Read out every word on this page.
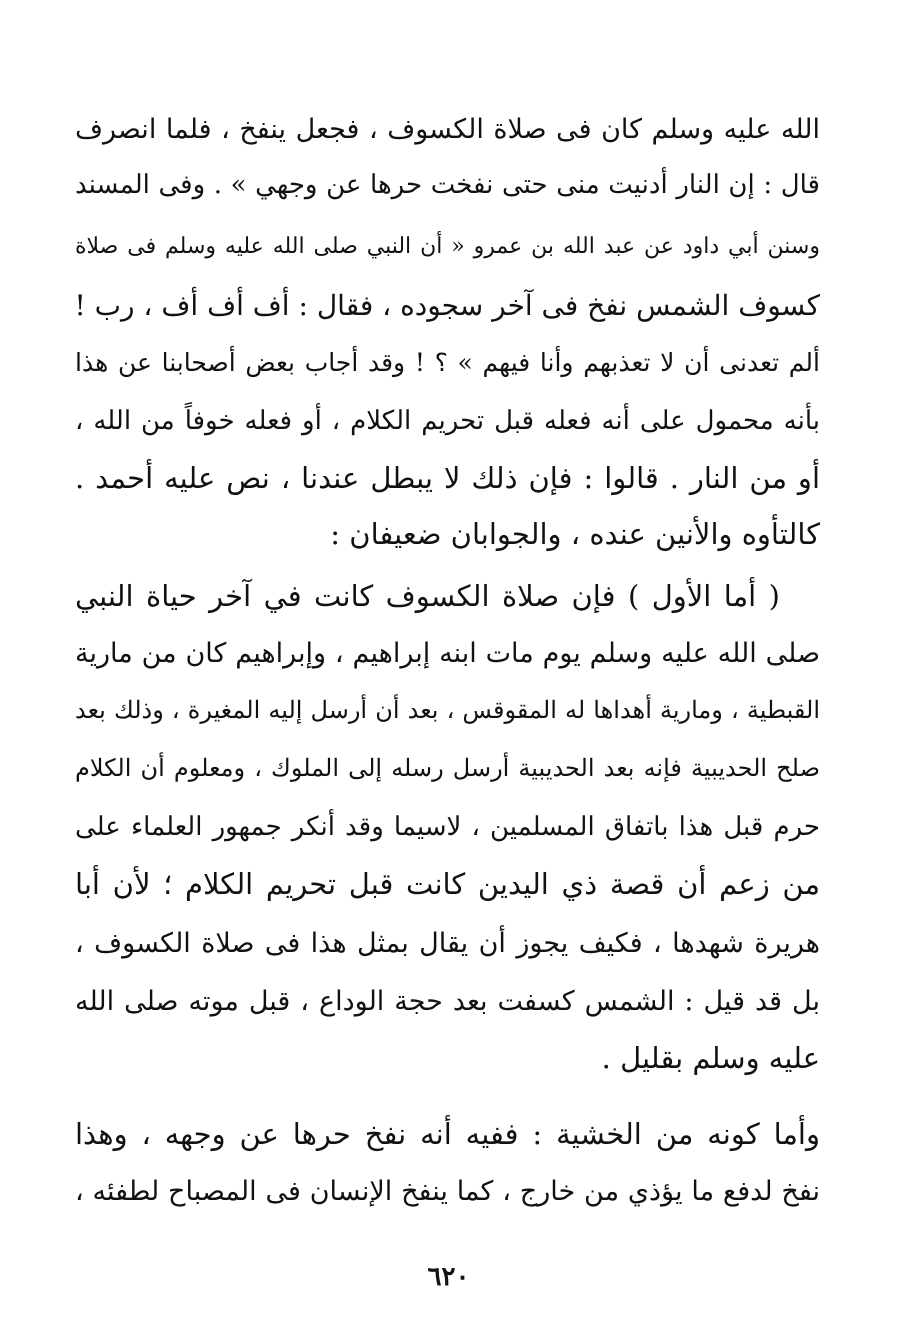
الله عليه وسلم كان فى صلاة الكسوف ، فجعل ينفخ ، فلما انصرف
قال : إن النار أدنيت منى حتى نفخت حرها عن وجهي » . وفى المسند
وسنن أبي داود عن عبد الله بن عمرو « أن النبي صلى الله عليه وسلم فى صلاة
كسوف الشمس نفخ فى آخر سجوده ، فقال : أف أف أف ، رب !
ألم تعدنى أن لا تعذبهم وأنا فيهم » ؟ ! وقد أجاب بعض أصحابنا عن هذا
بأنه محمول على أنه فعله قبل تحريم الكلام ، أو فعله خوفاً من الله ،
أو من النار . قالوا : فإن ذلك لا يبطل عندنا ، نص عليه أحمد .
كالتأوه والأنين عنده ، والجوابان ضعيفان :
( أما الأول ) فإن صلاة الكسوف كانت في آخر حياة النبي
صلى الله عليه وسلم يوم مات ابنه إبراهيم ، وإبراهيم كان من مارية
القبطية ، ومارية أهداها له المقوقس ، بعد أن أرسل إليه المغيرة ، وذلك بعد
صلح الحديبية فإنه بعد الحديبية أرسل رسله إلى الملوك ، ومعلوم أن الكلام
حرم قبل هذا باتفاق المسلمين ، لاسيما وقد أنكر جمهور العلماء على
من زعم أن قصة ذي اليدين كانت قبل تحريم الكلام ؛ لأن أبا
هريرة شهدها ، فكيف يجوز أن يقال بمثل هذا فى صلاة الكسوف ،
بل قد قيل : الشمس كسفت بعد حجة الوداع ، قبل موته صلى الله
عليه وسلم بقليل .
وأما كونه من الخشية : ففيه أنه نفخ حرها عن وجهه ، وهذا
نفخ لدفع ما يؤذي من خارج ، كما ينفخ الإنسان فى المصباح لطفئه ،
٦٢٠
